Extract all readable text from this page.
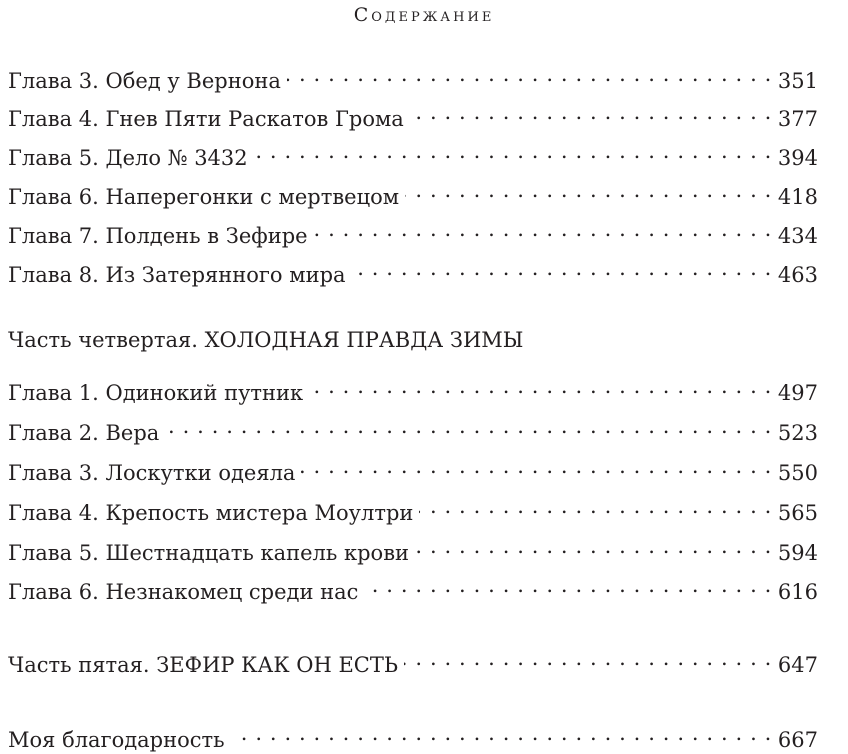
Содержание
Глава 3. Обед у Вернона . . .	351
Глава 4. Гнев Пяти Раскатов Грома . . .	377
Глава 5. Дело № 3432 . . .	394
Глава 6. Наперегонки с мертвецом . . .	418
Глава 7. Полдень в Зефире . . .	434
Глава 8. Из Затерянного мира . . .	463
Часть четвертая. ХОЛОДНАЯ ПРАВДА ЗИМЫ
Глава 1. Одинокий путник . . .	497
Глава 2. Вера . . .	523
Глава 3. Лоскутки одеяла . . .	550
Глава 4. Крепость мистера Моултри . . .	565
Глава 5. Шестнадцать капель крови . . .	594
Глава 6. Незнакомец среди нас . . .	616
Часть пятая. ЗЕФИР КАК ОН ЕСТЬ . . .	647
Моя благодарность . . .	667
